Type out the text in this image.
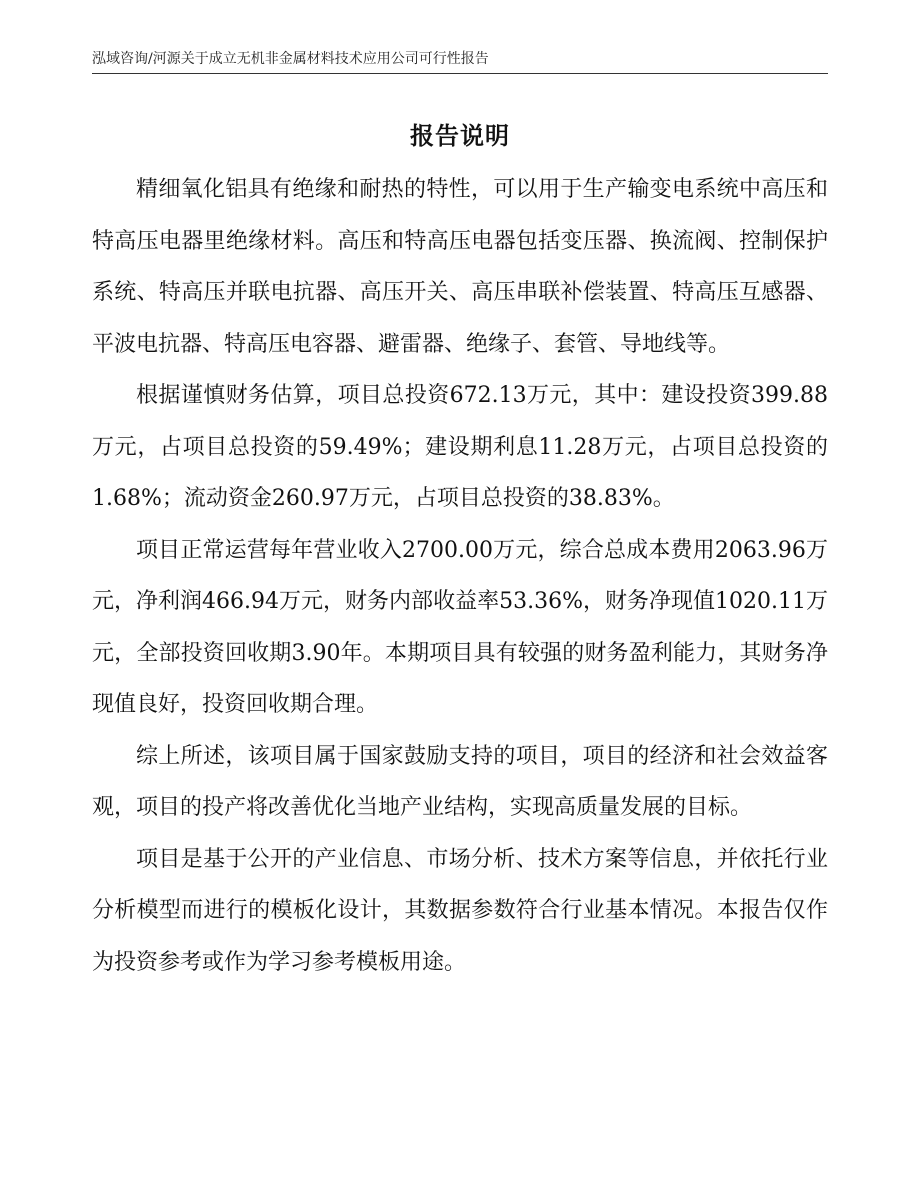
泓域咨询/河源关于成立无机非金属材料技术应用公司可行性报告
报告说明

精细氧化铝具有绝缘和耐热的特性，可以用于生产输变电系统中高压和特高压电器里绝缘材料。高压和特高压电器包括变压器、换流阀、控制保护系统、特高压并联电抗器、高压开关、高压串联补偿装置、特高压互感器、平波电抗器、特高压电容器、避雷器、绝缘子、套管、导地线等。

根据谨慎财务估算，项目总投资672.13万元，其中：建设投资399.88万元，占项目总投资的59.49%；建设期利息11.28万元，占项目总投资的1.68%；流动资金260.97万元，占项目总投资的38.83%。

项目正常运营每年营业收入2700.00万元，综合总成本费用2063.96万元，净利润466.94万元，财务内部收益率53.36%，财务净现值1020.11万元，全部投资回收期3.90年。本期项目具有较强的财务盈利能力，其财务净现值良好，投资回收期合理。

综上所述，该项目属于国家鼓励支持的项目，项目的经济和社会效益客观，项目的投产将改善优化当地产业结构，实现高质量发展的目标。

项目是基于公开的产业信息、市场分析、技术方案等信息，并依托行业分析模型而进行的模板化设计，其数据参数符合行业基本情况。本报告仅作为投资参考或作为学习参考模板用途。
